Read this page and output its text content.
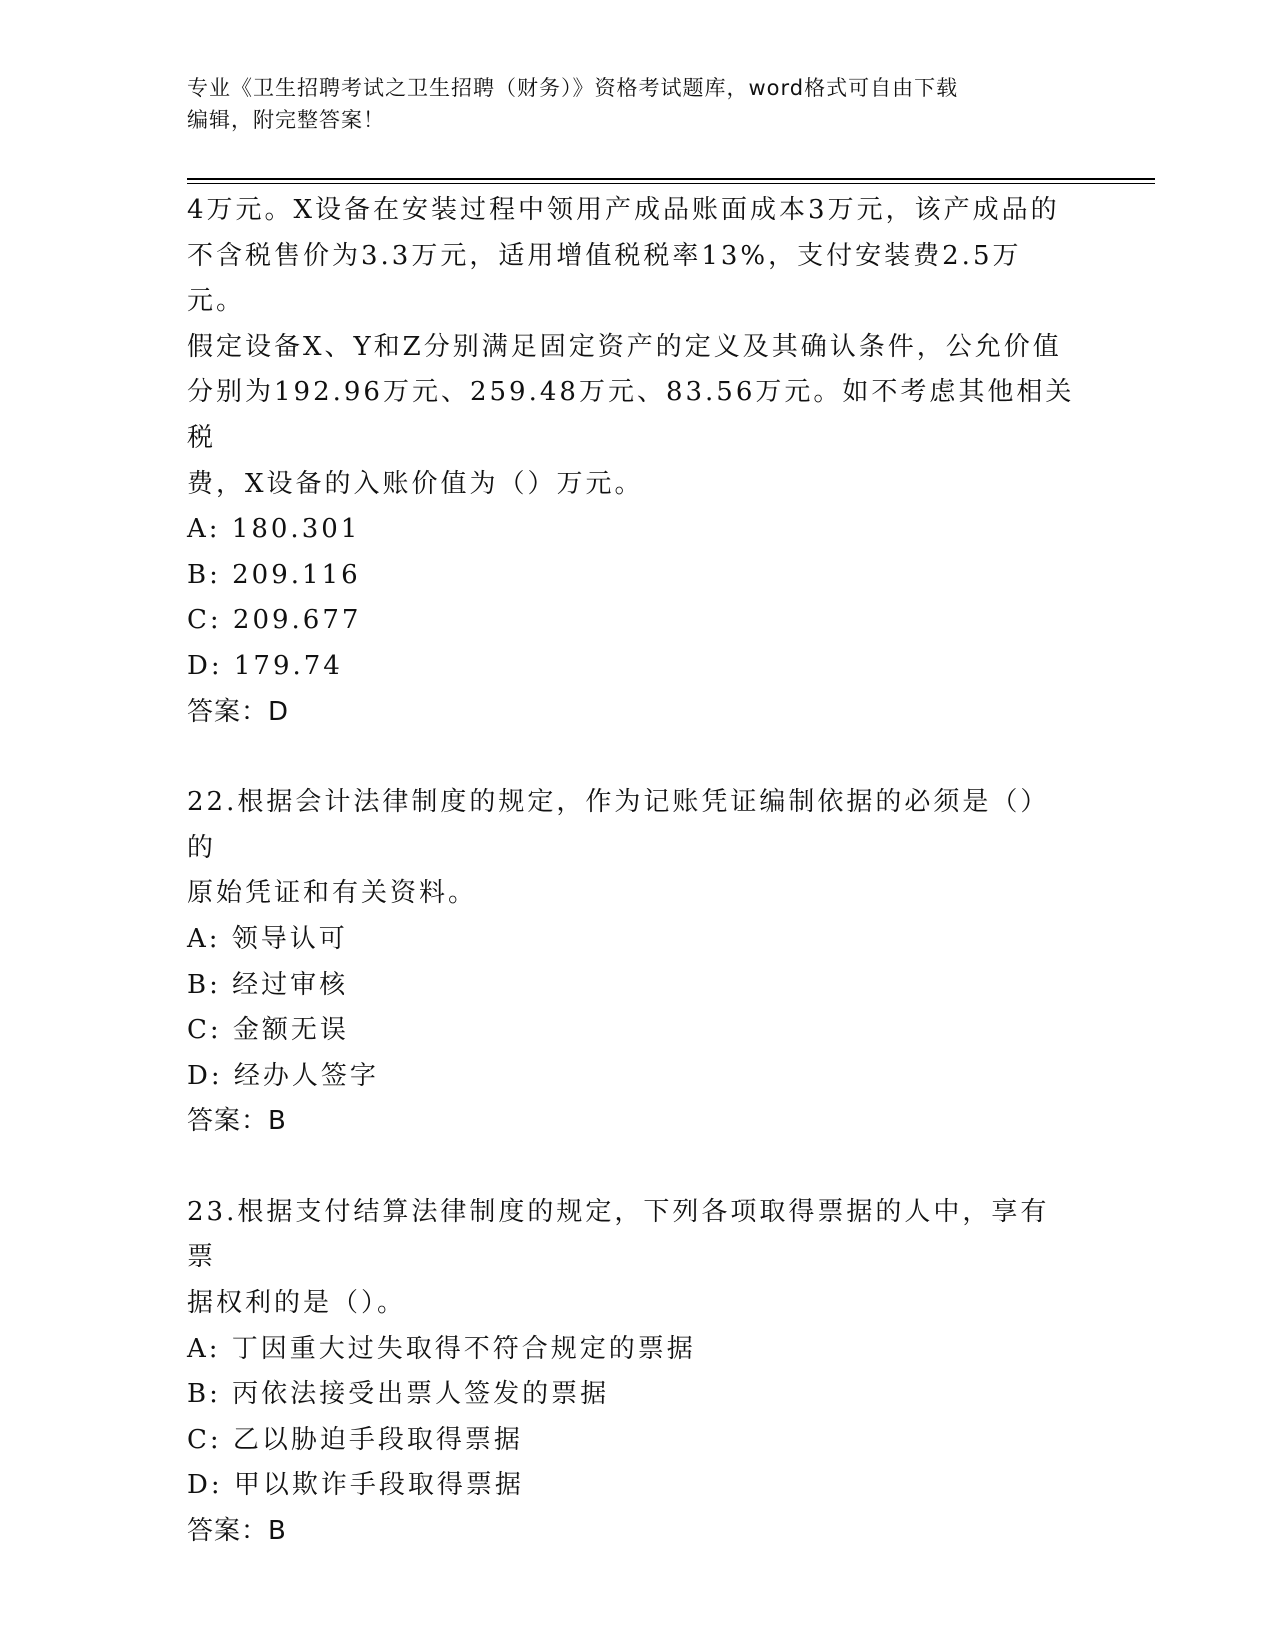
专业《卫生招聘考试之卫生招聘（财务）》资格考试题库，word格式可自由下载
编辑，附完整答案！
4万元。X设备在安装过程中领用产成品账面成本3万元，该产成品的
不含税售价为3.3万元，适用增值税税率13%，支付安装费2.5万元。
假定设备X、Y和Z分别满足固定资产的定义及其确认条件，公允价值
分别为192.96万元、259.48万元、83.56万元。如不考虑其他相关税
费，X设备的入账价值为（）万元。
A: 180.301
B: 209.116
C: 209.677
D: 179.74
答案：D
22.根据会计法律制度的规定，作为记账凭证编制依据的必须是（）的
原始凭证和有关资料。
A: 领导认可
B: 经过审核
C: 金额无误
D: 经办人签字
答案：B
23.根据支付结算法律制度的规定，下列各项取得票据的人中，享有票
据权利的是（）。
A: 丁因重大过失取得不符合规定的票据
B: 丙依法接受出票人签发的票据
C: 乙以胁迫手段取得票据
D: 甲以欺诈手段取得票据
答案：B
